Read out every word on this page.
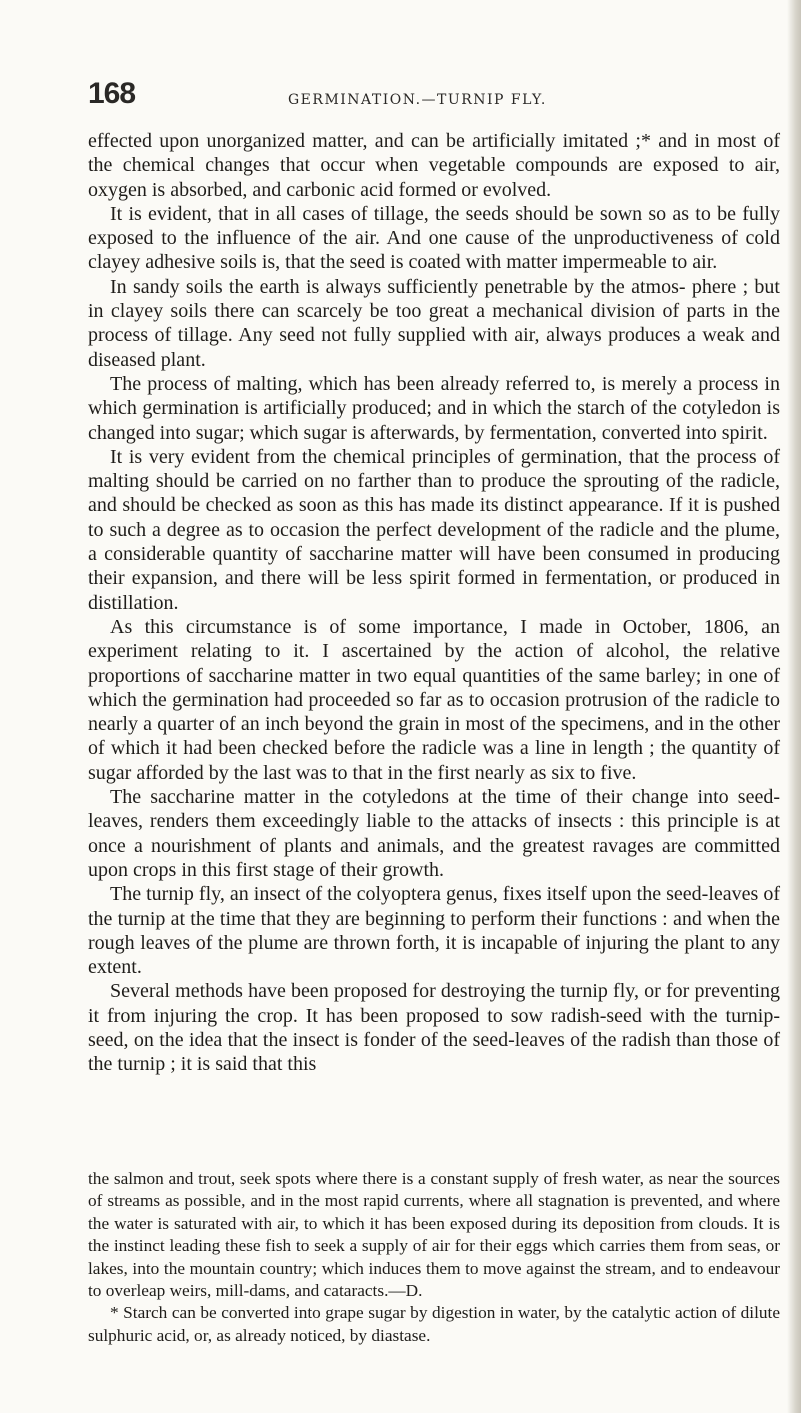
168	GERMINATION.—TURNIP FLY.

effected upon unorganized matter, and can be artificially imitated ;* and in most of the chemical changes that occur when vegetable compounds are exposed to air, oxygen is absorbed, and carbonic acid formed or evolved.

It is evident, that in all cases of tillage, the seeds should be sown so as to be fully exposed to the influence of the air. And one cause of the unproductiveness of cold clayey adhesive soils is, that the seed is coated with matter impermeable to air.

In sandy soils the earth is always sufficiently penetrable by the atmos- phere ; but in clayey soils there can scarcely be too great a mechanical division of parts in the process of tillage. Any seed not fully supplied with air, always produces a weak and diseased plant.

The process of malting, which has been already referred to, is merely a process in which germination is artificially produced; and in which the starch of the cotyledon is changed into sugar; which sugar is afterwards, by fermentation, converted into spirit.

It is very evident from the chemical principles of germination, that the process of malting should be carried on no farther than to produce the sprouting of the radicle, and should be checked as soon as this has made its distinct appearance. If it is pushed to such a degree as to occasion the perfect development of the radicle and the plume, a considerable quantity of saccharine matter will have been consumed in producing their expansion, and there will be less spirit formed in fermentation, or produced in distillation.

As this circumstance is of some importance, I made in October, 1806, an experiment relating to it. I ascertained by the action of alcohol, the relative proportions of saccharine matter in two equal quantities of the same barley; in one of which the germination had proceeded so far as to occasion protrusion of the radicle to nearly a quarter of an inch beyond the grain in most of the specimens, and in the other of which it had been checked before the radicle was a line in length ; the quantity of sugar afforded by the last was to that in the first nearly as six to five.

The saccharine matter in the cotyledons at the time of their change into seed-leaves, renders them exceedingly liable to the attacks of insects : this principle is at once a nourishment of plants and animals, and the greatest ravages are committed upon crops in this first stage of their growth.

The turnip fly, an insect of the colyoptera genus, fixes itself upon the seed-leaves of the turnip at the time that they are beginning to perform their functions : and when the rough leaves of the plume are thrown forth, it is incapable of injuring the plant to any extent.

Several methods have been proposed for destroying the turnip fly, or for preventing it from injuring the crop. It has been proposed to sow radish-seed with the turnip-seed, on the idea that the insect is fonder of the seed-leaves of the radish than those of the turnip ; it is said that this

the salmon and trout, seek spots where there is a constant supply of fresh water, as near the sources of streams as possible, and in the most rapid currents, where all stagnation is prevented, and where the water is saturated with air, to which it has been exposed during its deposition from clouds. It is the instinct leading these fish to seek a supply of air for their eggs which carries them from seas, or lakes, into the mountain country; which induces them to move against the stream, and to endeavour to overleap weirs, mill-dams, and cataracts.—D.

* Starch can be converted into grape sugar by digestion in water, by the catalytic action of dilute sulphuric acid, or, as already noticed, by diastase.
